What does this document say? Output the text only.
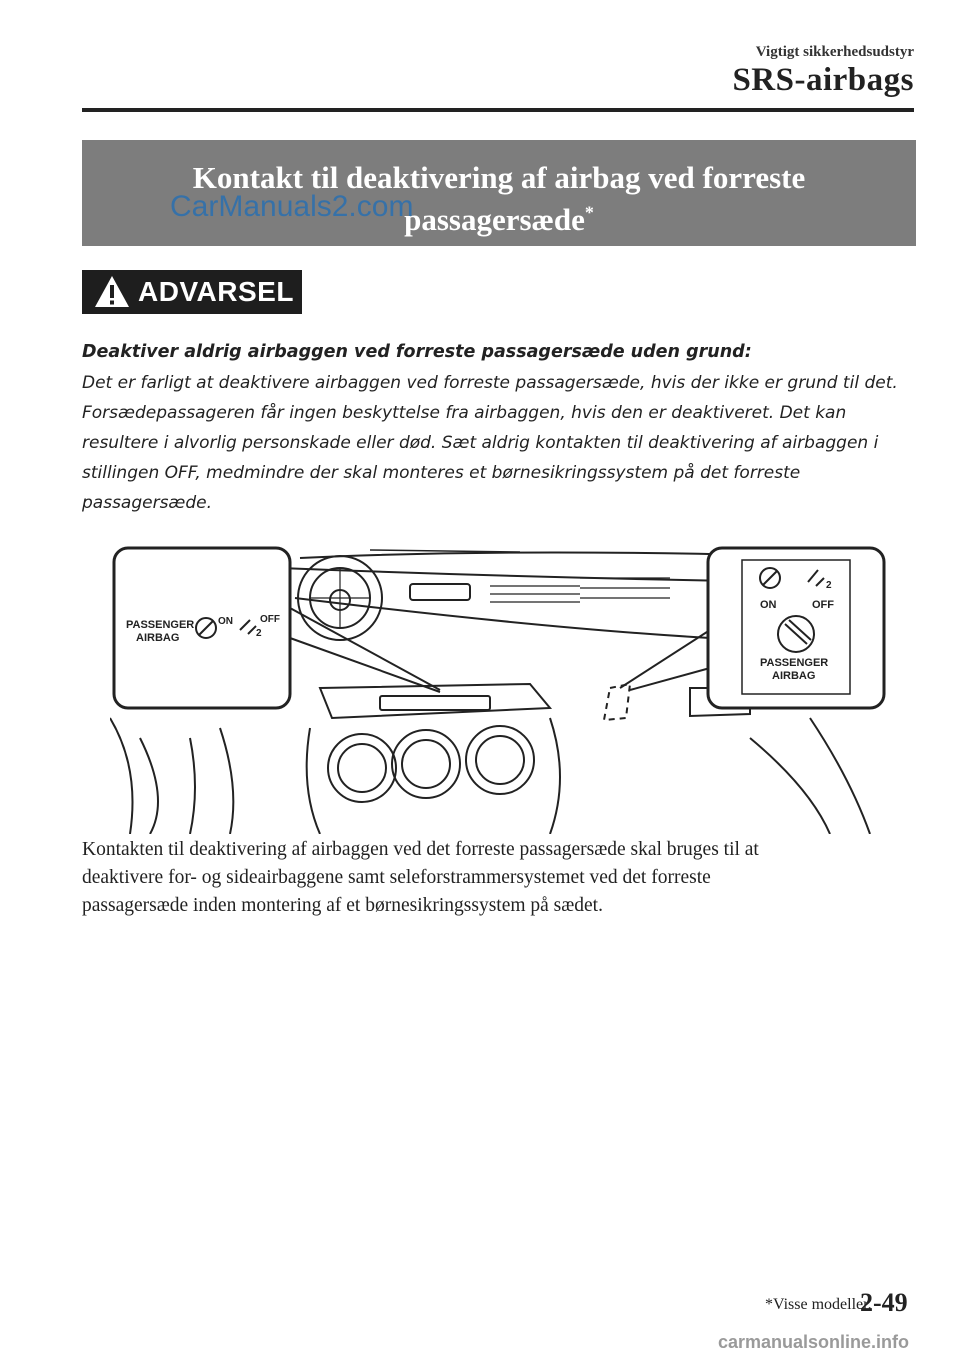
Vigtigt sikkerhedsudstyr
SRS-airbags
Kontakt til deaktivering af airbag ved forreste
passagersæde*
CarManuals2.com
ADVARSEL
Deaktiver aldrig airbaggen ved forreste passagersæde uden grund:
Det er farligt at deaktivere airbaggen ved forreste passagersæde, hvis der ikke er grund til det.
Forsædepassageren får ingen beskyttelse fra airbaggen, hvis den er deaktiveret. Det kan
resultere i alvorlig personskade eller død. Sæt aldrig kontakten til deaktivering af airbaggen i
stillingen OFF, medmindre der skal monteres et børnesikringssystem på det forreste
passagersæde.
PASSENGER
AIRBAG
ON	OFF
2
2
ON	OFF
PASSENGER
AIRBAG
Kontakten til deaktivering af airbaggen ved det forreste passagersæde skal bruges til at
deaktivere for- og sideairbaggene samt seleforstrammersystemet ved det forreste
passagersæde inden montering af et børnesikringssystem på sædet.
*Visse modeller.
2-49
carmanualsonline.info
